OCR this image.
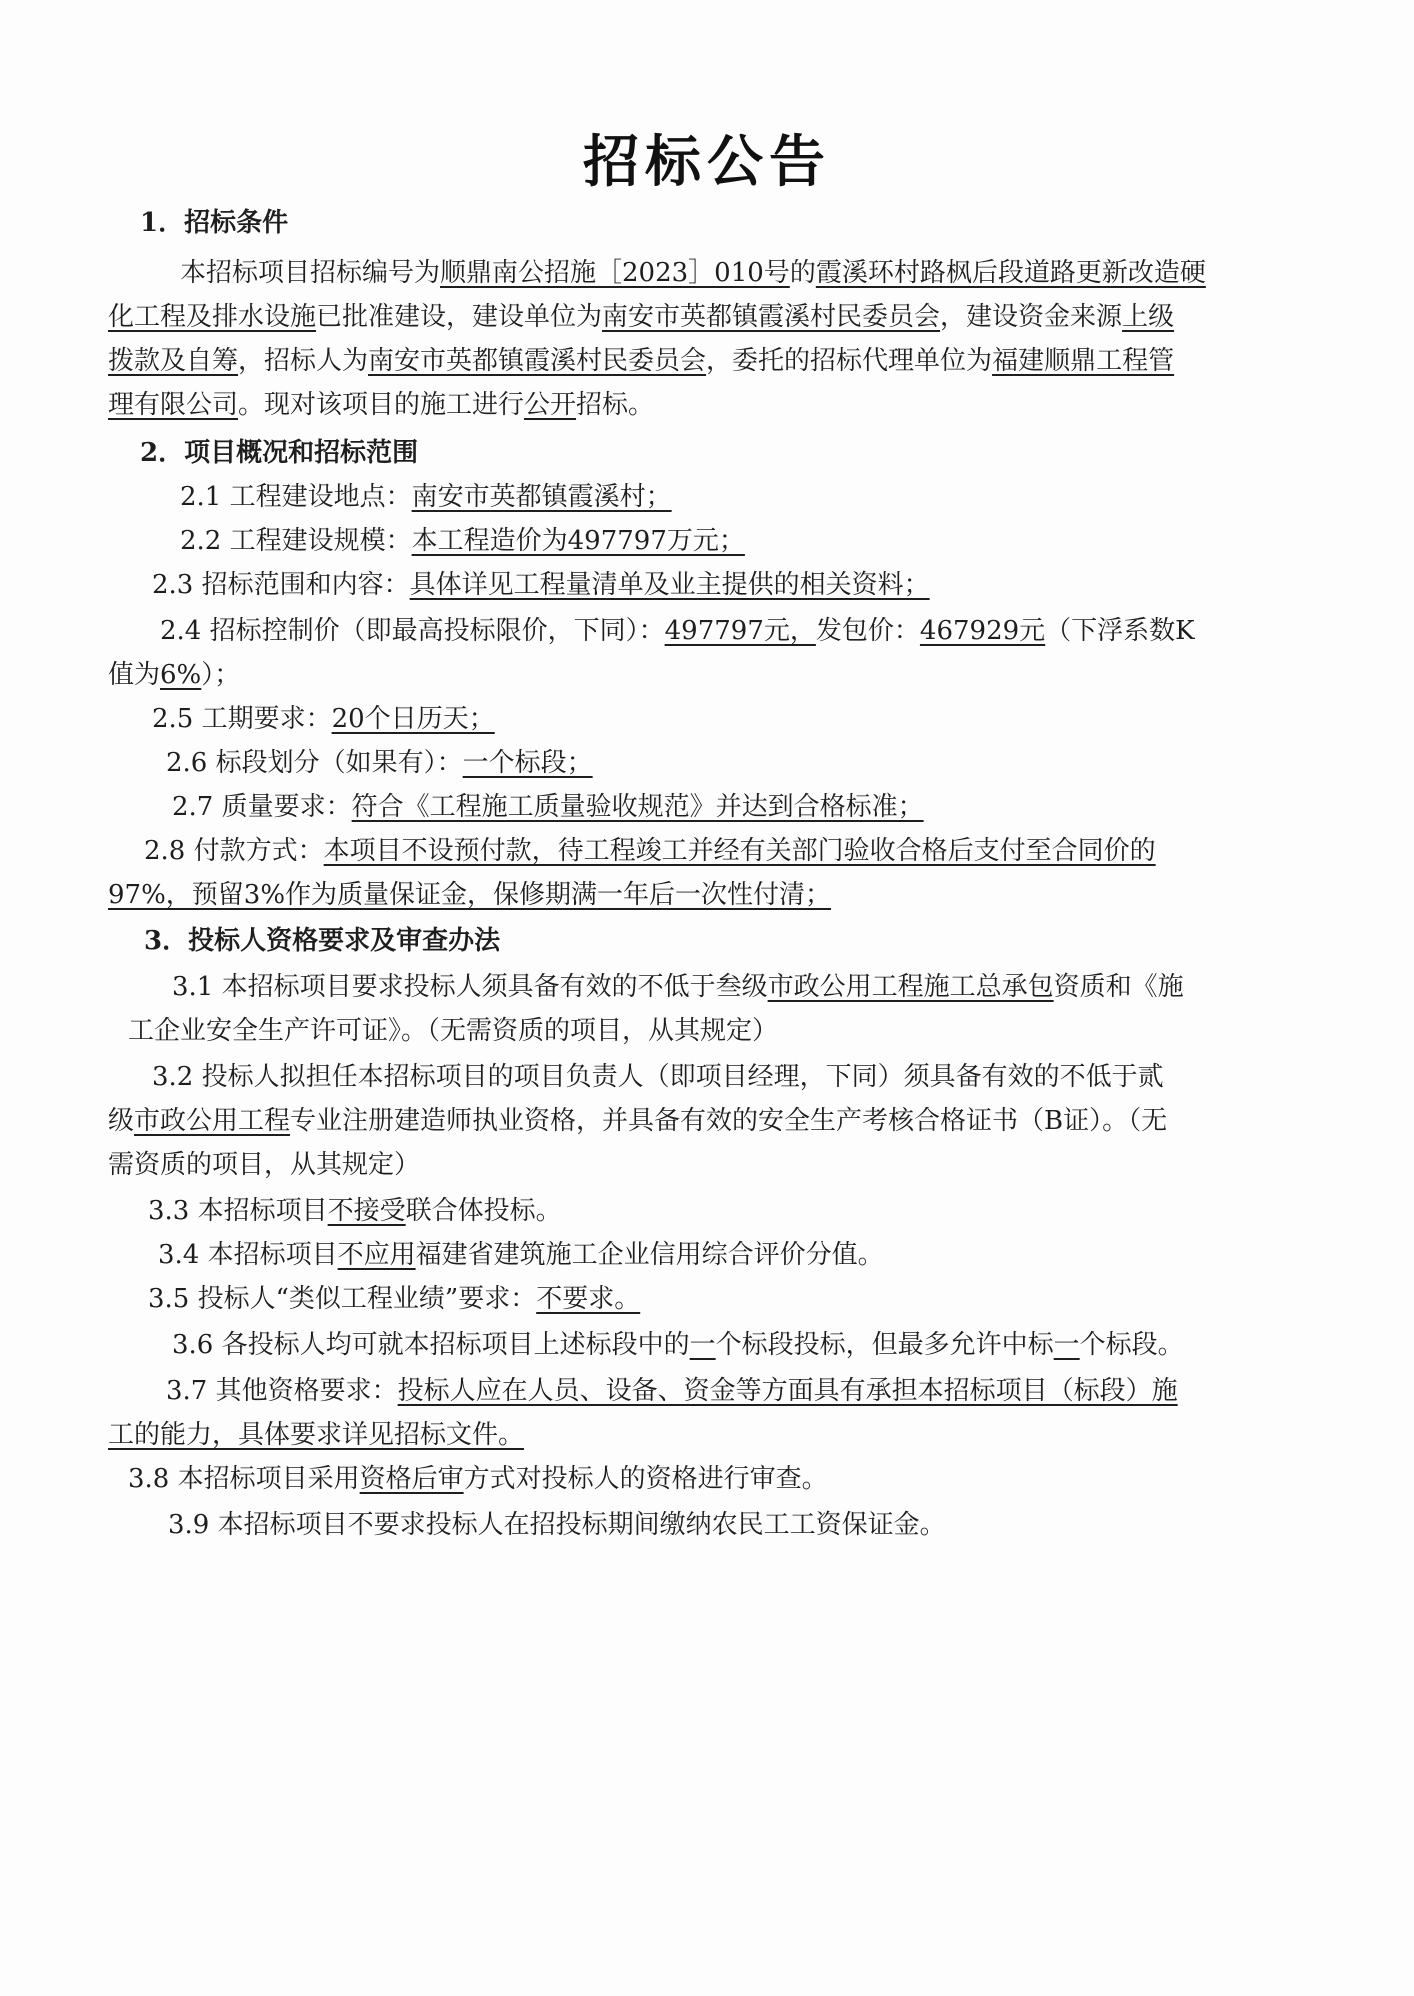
招标公告
1．招标条件
本招标项目招标编号为顺鼎南公招施［2023］010号的霞溪环村路枫后段道路更新改造硬
化工程及排水设施已批准建设，建设单位为南安市英都镇霞溪村民委员会，建设资金来源上级
拨款及自筹，招标人为南安市英都镇霞溪村民委员会，委托的招标代理单位为福建顺鼎工程管
理有限公司。现对该项目的施工进行公开招标。
2．项目概况和招标范围
2.1 工程建设地点：南安市英都镇霞溪村；
2.2 工程建设规模：本工程造价为497797万元；
2.3 招标范围和内容：具体详见工程量清单及业主提供的相关资料；
2.4 招标控制价（即最高投标限价，下同）：497797元，发包价：467929元（下浮系数K
值为6%）；
2.5 工期要求：20个日历天；
2.6 标段划分（如果有）：一个标段；
2.7 质量要求：符合《工程施工质量验收规范》并达到合格标准；
2.8 付款方式：本项目不设预付款，待工程竣工并经有关部门验收合格后支付至合同价的
97%，预留3%作为质量保证金，保修期满一年后一次性付清；
3．投标人资格要求及审查办法
3.1 本招标项目要求投标人须具备有效的不低于叁级市政公用工程施工总承包资质和《施
工企业安全生产许可证》。（无需资质的项目，从其规定）
3.2 投标人拟担任本招标项目的项目负责人（即项目经理，下同）须具备有效的不低于贰
级市政公用工程专业注册建造师执业资格，并具备有效的安全生产考核合格证书（B证）。（无
需资质的项目，从其规定）
3.3 本招标项目不接受联合体投标。
3.4 本招标项目不应用福建省建筑施工企业信用综合评价分值。
3.5 投标人“类似工程业绩”要求：不要求。
3.6 各投标人均可就本招标项目上述标段中的一个标段投标，但最多允许中标一个标段。
3.7 其他资格要求：投标人应在人员、设备、资金等方面具有承担本招标项目（标段）施
工的能力，具体要求详见招标文件。
3.8 本招标项目采用资格后审方式对投标人的资格进行审查。
3.9 本招标项目不要求投标人在招投标期间缴纳农民工工资保证金。
